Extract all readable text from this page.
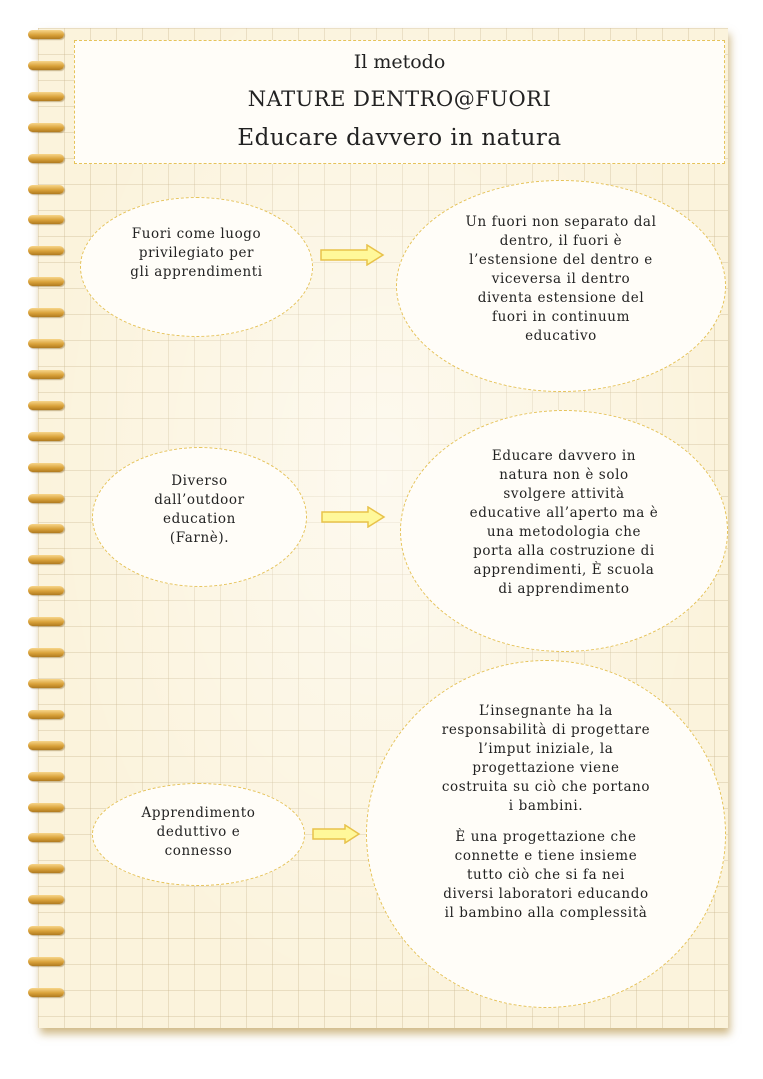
Il metodo
NATURE DENTRO@FUORI
Educare davvero in natura
Fuori come luogo
privilegiato per
gli apprendimenti
Un fuori non separato dal
dentro, il fuori è
l’estensione del dentro e
viceversa il dentro
diventa estensione del
fuori in continuum
educativo
Diverso
dall’outdoor
education
(Farnè).
Educare davvero in
natura non è solo
svolgere attività
educative all’aperto ma è
una metodologia che
porta alla costruzione di
apprendimenti, È scuola
di apprendimento
Apprendimento
deduttivo e
connesso
L’insegnante ha la
responsabilità di progettare
l’imput iniziale, la
progettazione viene
costruita su ciò che portano
i bambini.
È una progettazione che
connette e tiene insieme
tutto ciò che si fa nei
diversi laboratori educando
il bambino alla complessità
